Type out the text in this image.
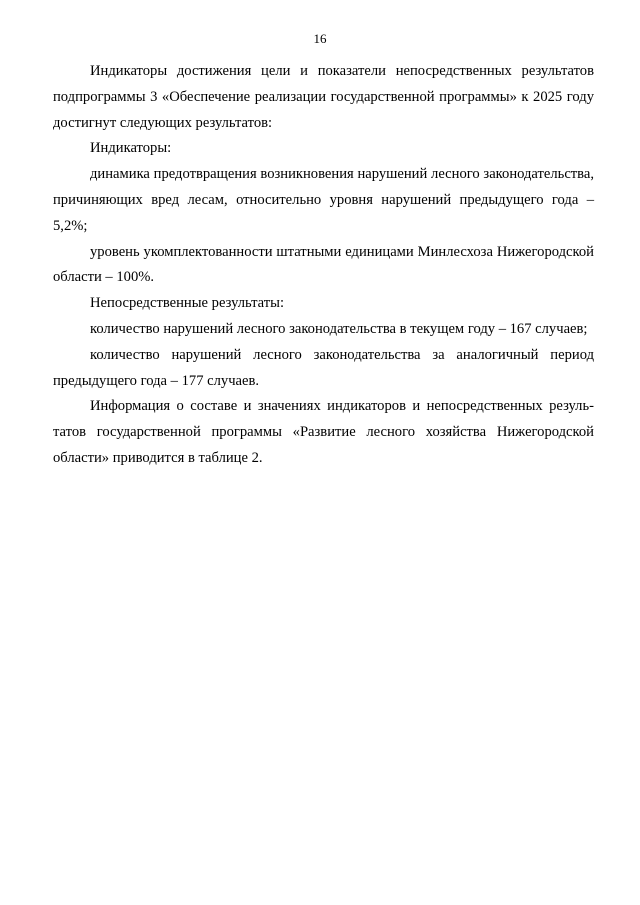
16

Индикаторы достижения цели и показатели непосредственных результатов подпрограммы 3 «Обеспечение реализации государственной программы» к 2025 году достигнут следующих результатов:

Индикаторы:

динамика предотвращения возникновения нарушений лесного законодательства, причиняющих вред лесам, относительно уровня нарушений предыдущего года – 5,2%;

уровень укомплектованности штатными единицами Минлесхоза Нижегородской области – 100%.

Непосредственные результаты:

количество нарушений лесного законодательства в текущем году – 167 случаев;

количество нарушений лесного законодательства за аналогичный период предыдущего года – 177 случаев.

Информация о составе и значениях индикаторов и непосредственных результатов государственной программы «Развитие лесного хозяйства Нижегородской области» приводится в таблице 2.
